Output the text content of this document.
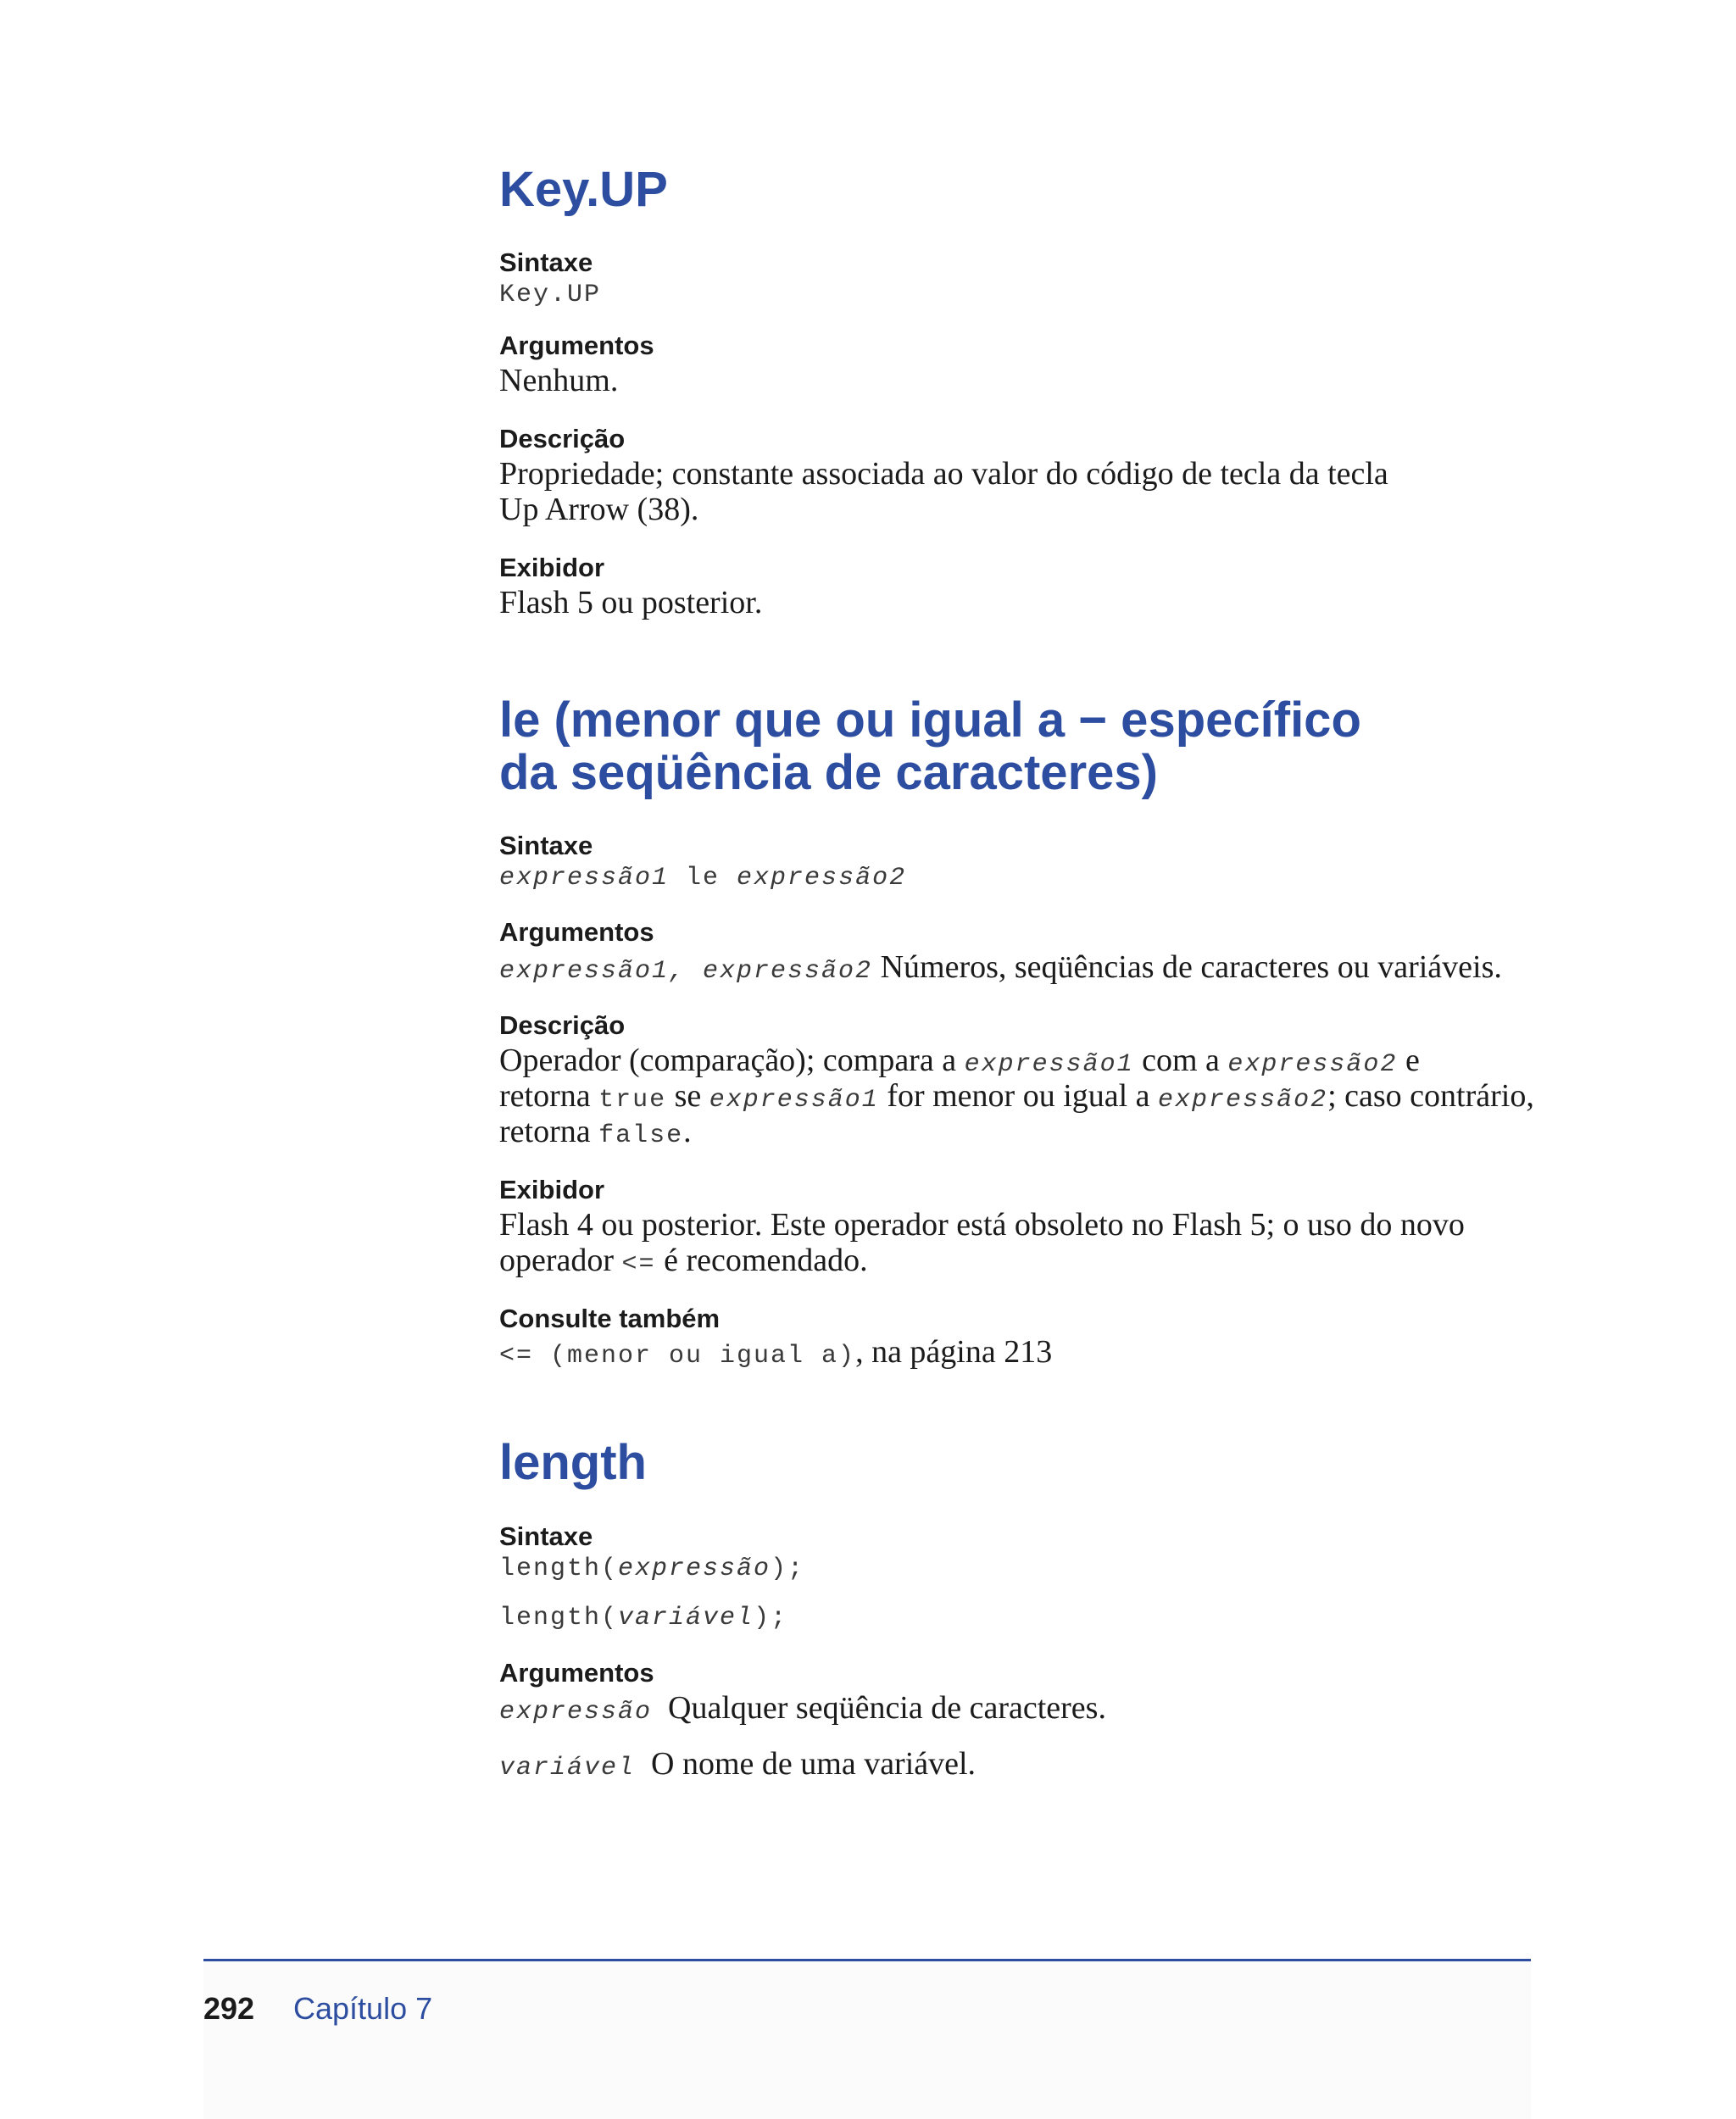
Key.UP
Sintaxe
Key.UP
Argumentos
Nenhum.
Descrição
Propriedade; constante associada ao valor do código de tecla da tecla
Up Arrow (38).
Exibidor
Flash 5 ou posterior.
le (menor que ou igual a − específico
da seqüência de caracteres)
Sintaxe
expressão1 le expressão2
Argumentos
expressão1, expressão2 Números, seqüências de caracteres ou variáveis.
Descrição
Operador (comparação); compara a expressão1 com a expressão2 e
retorna true se expressão1 for menor ou igual a expressão2; caso contrário,
retorna false.
Exibidor
Flash 4 ou posterior. Este operador está obsoleto no Flash 5; o uso do novo
operador <= é recomendado.
Consulte também
<= (menor ou igual a), na página 213
length
Sintaxe
length(expressão);
length(variável);
Argumentos
expressão  Qualquer seqüência de caracteres.
variável  O nome de uma variável.
292 Capítulo 7
